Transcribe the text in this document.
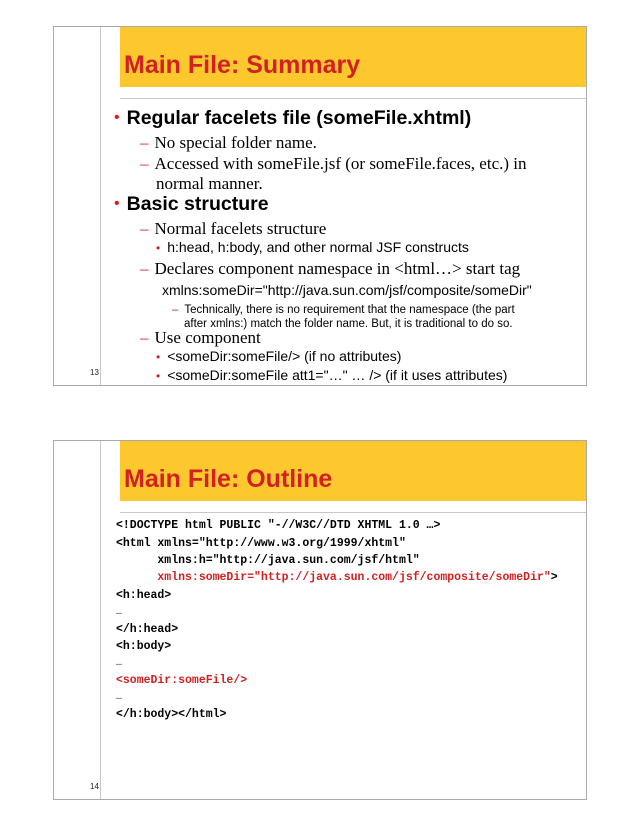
Main File: Summary
• Regular facelets file (someFile.xhtml)
– No special folder name.
– Accessed with someFile.jsf (or someFile.faces, etc.) in
normal manner.
• Basic structure
– Normal facelets structure
• h:head, h:body, and other normal JSF constructs
– Declares component namespace in <html…> start tag
xmlns:someDir="http://java.sun.com/jsf/composite/someDir"
– Technically, there is no requirement that the namespace (the part
after xmlns:) match the folder name. But, it is traditional to do so.
– Use component
• <someDir:someFile/> (if no attributes)
• <someDir:someFile att1="…" … /> (if it uses attributes)
13
Main File: Outline
<!DOCTYPE html PUBLIC "-//W3C//DTD XHTML 1.0 …>
<html xmlns="http://www.w3.org/1999/xhtml"
xmlns:h="http://java.sun.com/jsf/html"
xmlns:someDir="http://java.sun.com/jsf/composite/someDir">
<h:head>
…
</h:head>
<h:body>
…
<someDir:someFile/>
…
</h:body></html>
14
